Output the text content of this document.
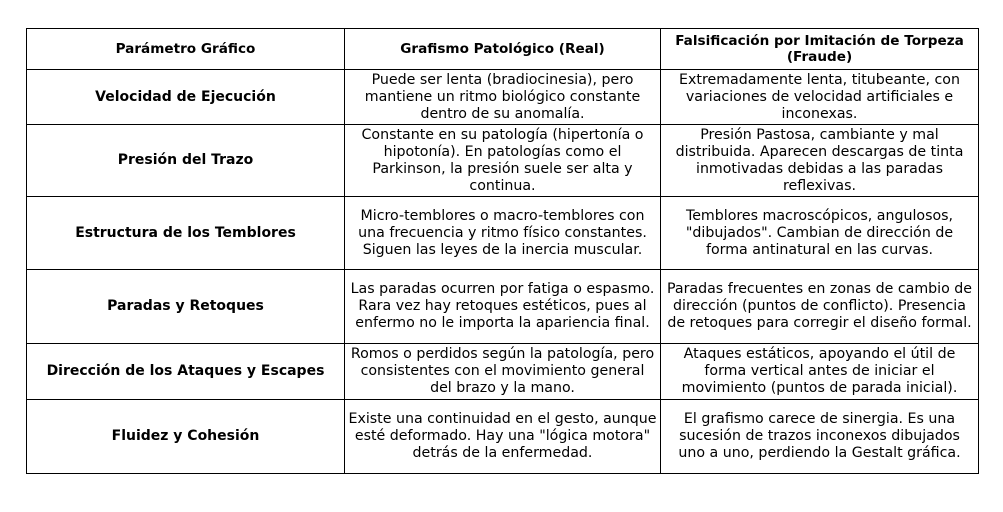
Parámetro Gráfico	Grafismo Patológico (Real)	Falsificación por Imitación de Torpeza (Fraude)
Velocidad de Ejecución	Puede ser lenta (bradiocinesia), pero mantiene un ritmo biológico constante dentro de su anomalía.	Extremadamente lenta, titubeante, con variaciones de velocidad artificiales e inconexas.
Presión del Trazo	Constante en su patología (hipertonía o hipotonía). En patologías como el Parkinson, la presión suele ser alta y continua.	Presión Pastosa, cambiante y mal distribuida. Aparecen descargas de tinta inmotivadas debidas a las paradas reflexivas.
Estructura de los Temblores	Micro-temblores o macro-temblores con una frecuencia y ritmo físico constantes. Siguen las leyes de la inercia muscular.	Temblores macroscópicos, angulosos, "dibujados". Cambian de dirección de forma antinatural en las curvas.
Paradas y Retoques	Las paradas ocurren por fatiga o espasmo. Rara vez hay retoques estéticos, pues al enfermo no le importa la apariencia final.	Paradas frecuentes en zonas de cambio de dirección (puntos de conflicto). Presencia de retoques para corregir el diseño formal.
Dirección de los Ataques y Escapes	Romos o perdidos según la patología, pero consistentes con el movimiento general del brazo y la mano.	Ataques estáticos, apoyando el útil de forma vertical antes de iniciar el movimiento (puntos de parada inicial).
Fluidez y Cohesión	Existe una continuidad en el gesto, aunque esté deformado. Hay una "lógica motora" detrás de la enfermedad.	El grafismo carece de sinergia. Es una sucesión de trazos inconexos dibujados uno a uno, perdiendo la Gestalt gráfica.
